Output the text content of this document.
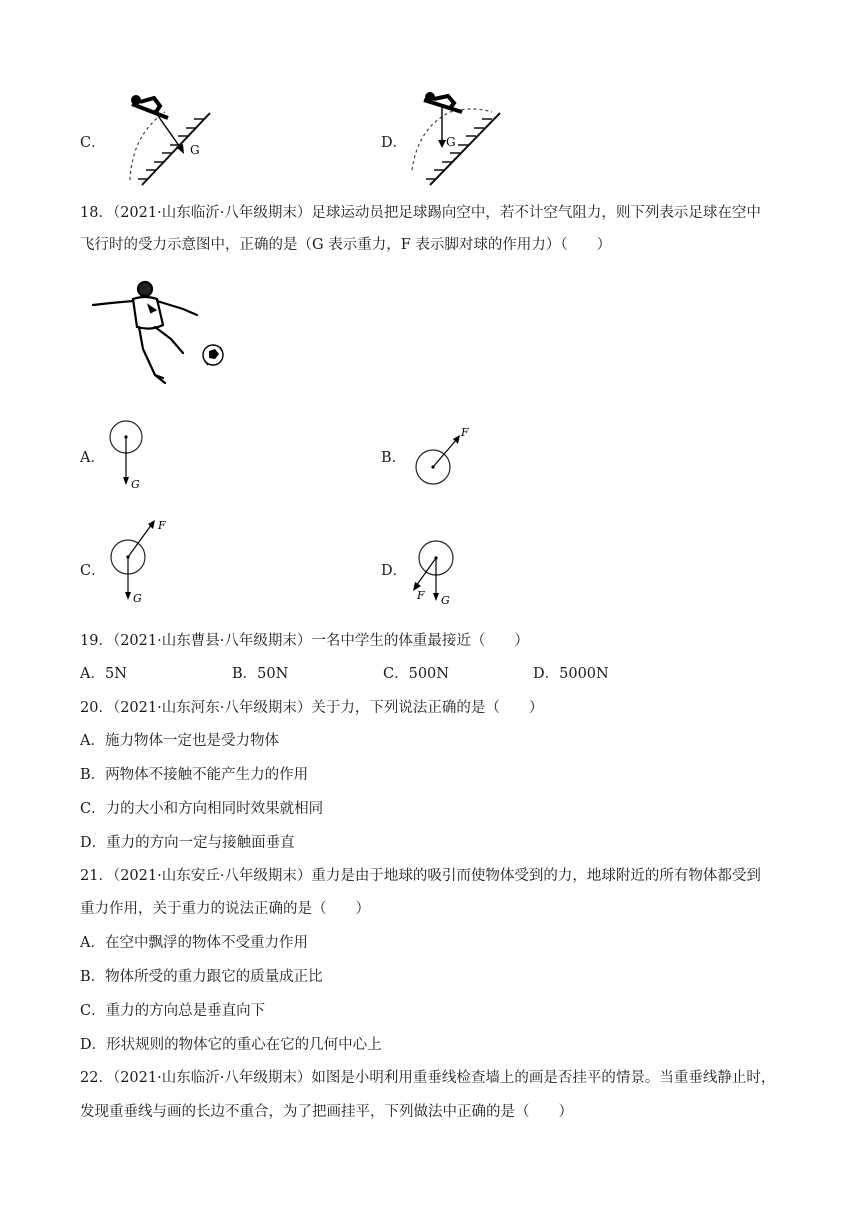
C．	G	D．	G
18．（2021·山东临沂·八年级期末）足球运动员把足球踢向空中，若不计空气阻力，则下列表示足球在空中
飞行时的受力示意图中，正确的是（G 表示重力，F 表示脚对球的作用力）（　　）
A．
G
B．
F
C．
F
G
D．
F G
19．（2021·山东曹县·八年级期末）一名中学生的体重最接近（　　）
A．5N	B．50N	C．500N	D．5000N
20．（2021·山东河东·八年级期末）关于力，下列说法正确的是（　　）
A．施力物体一定也是受力物体
B．两物体不接触不能产生力的作用
C．力的大小和方向相同时效果就相同
D．重力的方向一定与接触面垂直
21．（2021·山东安丘·八年级期末）重力是由于地球的吸引而使物体受到的力，地球附近的所有物体都受到
重力作用，关于重力的说法正确的是（　　）
A．在空中飘浮的物体不受重力作用
B．物体所受的重力跟它的质量成正比
C．重力的方向总是垂直向下
D．形状规则的物体它的重心在它的几何中心上
22．（2021·山东临沂·八年级期末）如图是小明利用重垂线检查墙上的画是否挂平的情景。当重垂线静止时，
发现重垂线与画的长边不重合，为了把画挂平，下列做法中正确的是（　　）
